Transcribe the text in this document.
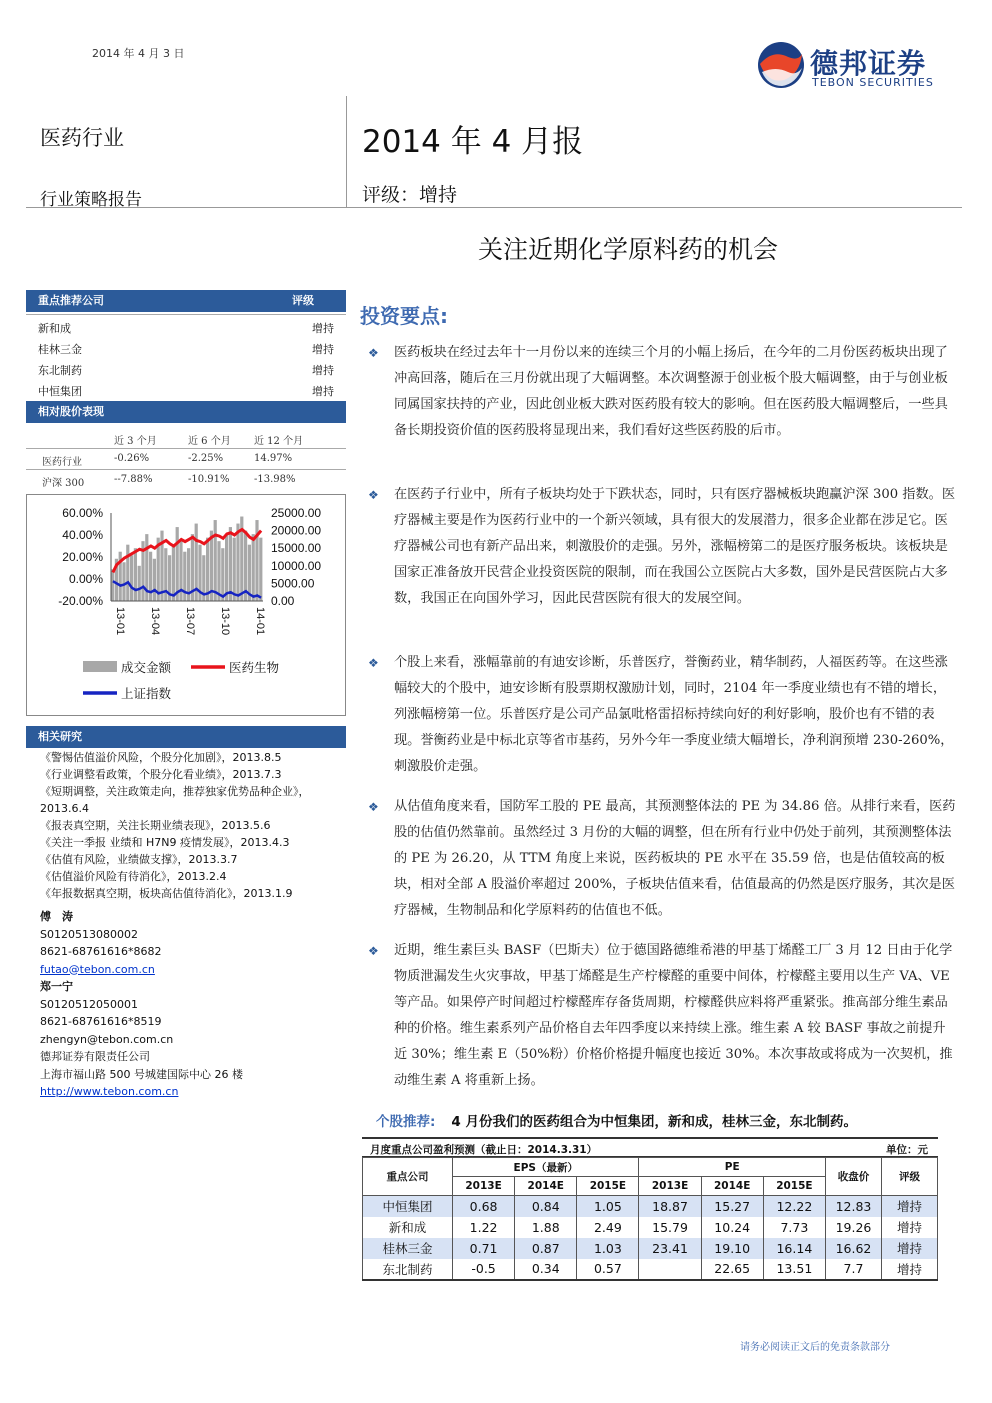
2014 年 4 月 3 日	德邦证券
TEBON SECURITIES
医药行业
行业策略报告
2014 年 4 月报
评级：增持
关注近期化学原料药的机会
重点推荐公司	评级
新和成	增持
桂林三金	增持
东北制药	增持
中恒集团	增持
相对股价表现
近 3 个月	近 6 个月 近 12 个月
医药行业	-0.26%	-2.25%	14.97%
沪深 300	--7.88%	-10.91% -13.98%
60.00%
40.00%
20.00%
0.00%
-20.00%
25000.00
20000.00
15000.00
10000.00
5000.00
0.00
13-01 13-04 13-07 13-10 14-01
成交金额	医药生物
上证指数
相关研究
《警惕估值溢价风险，个股分化加剧》，2013.8.5
《行业调整看政策，个股分化看业绩》，2013.7.3
《短期调整，关注政策走向，推荐独家优势品种企业》，2013.6.4
《报表真空期，关注长期业绩表现》，2013.5.6
《关注一季报 业绩和 H7N9 疫情发展》，2013.4.3
《估值有风险，业绩做支撑》，2013.3.7
《估值溢价风险有待消化》，2013.2.4
《年报数据真空期，板块高估值待消化》，2013.1.9
傅　涛
S0120513080002
8621-68761616*8682
futao@tebon.com.cn
郑一宁
S0120512050001
8621-68761616*8519
zhengyn@tebon.com.cn
德邦证券有限责任公司
上海市福山路 500 号城建国际中心 26 楼
http://www.tebon.com.cn
投资要点:
❖	医药板块在经过去年十一月份以来的连续三个月的小幅上扬后，在今年的二月份医药板块出现了冲高回落，随后在三月份就出现了大幅调整。本次调整源于创业板个股大幅调整，由于与创业板同属国家扶持的产业，因此创业板大跌对医药股有较大的影响。但在医药股大幅调整后，一些具备长期投资价值的医药股将显现出来，我们看好这些医药股的后市。
❖	在医药子行业中，所有子板块均处于下跌状态，同时，只有医疗器械板块跑赢沪深 300 指数。医疗器械主要是作为医药行业中的一个新兴领域，具有很大的发展潜力，很多企业都在涉足它。医疗器械公司也有新产品出来，刺激股价的走强。另外，涨幅榜第二的是医疗服务板块。该板块是国家正准备放开民营企业投资医院的限制，而在我国公立医院占大多数，国外是民营医院占大多数，我国正在向国外学习，因此民营医院有很大的发展空间。
❖	个股上来看，涨幅靠前的有迪安诊断，乐普医疗，誉衡药业，精华制药，人福医药等。在这些涨幅较大的个股中，迪安诊断有股票期权激励计划，同时，2104 年一季度业绩也有不错的增长，列涨幅榜第一位。乐普医疗是公司产品氯吡格雷招标持续向好的利好影响，股价也有不错的表现。誉衡药业是中标北京等省市基药，另外今年一季度业绩大幅增长，净利润预增 230-260%，刺激股价走强。
❖	从估值角度来看，国防军工股的 PE 最高，其预测整体法的 PE 为 34.86 倍。从排行来看，医药股的估值仍然靠前。虽然经过 3 月份的大幅的调整，但在所有行业中仍处于前列，其预测整体法的 PE 为 26.20，从 TTM 角度上来说，医药板块的 PE 水平在 35.59 倍，也是估值较高的板块，相对全部 A 股溢价率超过 200%，子板块估值来看，估值最高的仍然是医疗服务，其次是医疗器械，生物制品和化学原料药的估值也不低。
❖	近期，维生素巨头 BASF（巴斯夫）位于德国路德维希港的甲基丁烯醛工厂 3 月 12 日由于化学物质泄漏发生火灾事故，甲基丁烯醛是生产柠檬醛的重要中间体，柠檬醛主要用以生产 VA、VE 等产品。如果停产时间超过柠檬醛库存备货周期，柠檬醛供应料将严重紧张。推高部分维生素品种的价格。维生素系列产品价格自去年四季度以来持续上涨。维生素 A 较 BASF 事故之前提升近 30%；维生素 E（50%粉）价格价格提升幅度也接近 30%。本次事故或将成为一次契机，推动维生素 A 将重新上扬。
个股推荐: 4 月份我们的医药组合为中恒集团，新和成，桂林三金，东北制药。
月度重点公司盈利预测（截止日：2014.3.31）	单位：元
重点公司	EPS（最新）			PE			收盘价	评级
	2013E	2014E	2015E	2013E	2014E	2015E		
中恒集团	0.68	0.84	1.05	18.87	15.27	12.22	12.83	增持
新和成	1.22	1.88	2.49	15.79	10.24	7.73	19.26	增持
桂林三金	0.71	0.87	1.03	23.41	19.10	16.14	16.62	增持
东北制药	-0.5	0.34	0.57		22.65	13.51	7.7	增持
请务必阅读正文后的免责条款部分
